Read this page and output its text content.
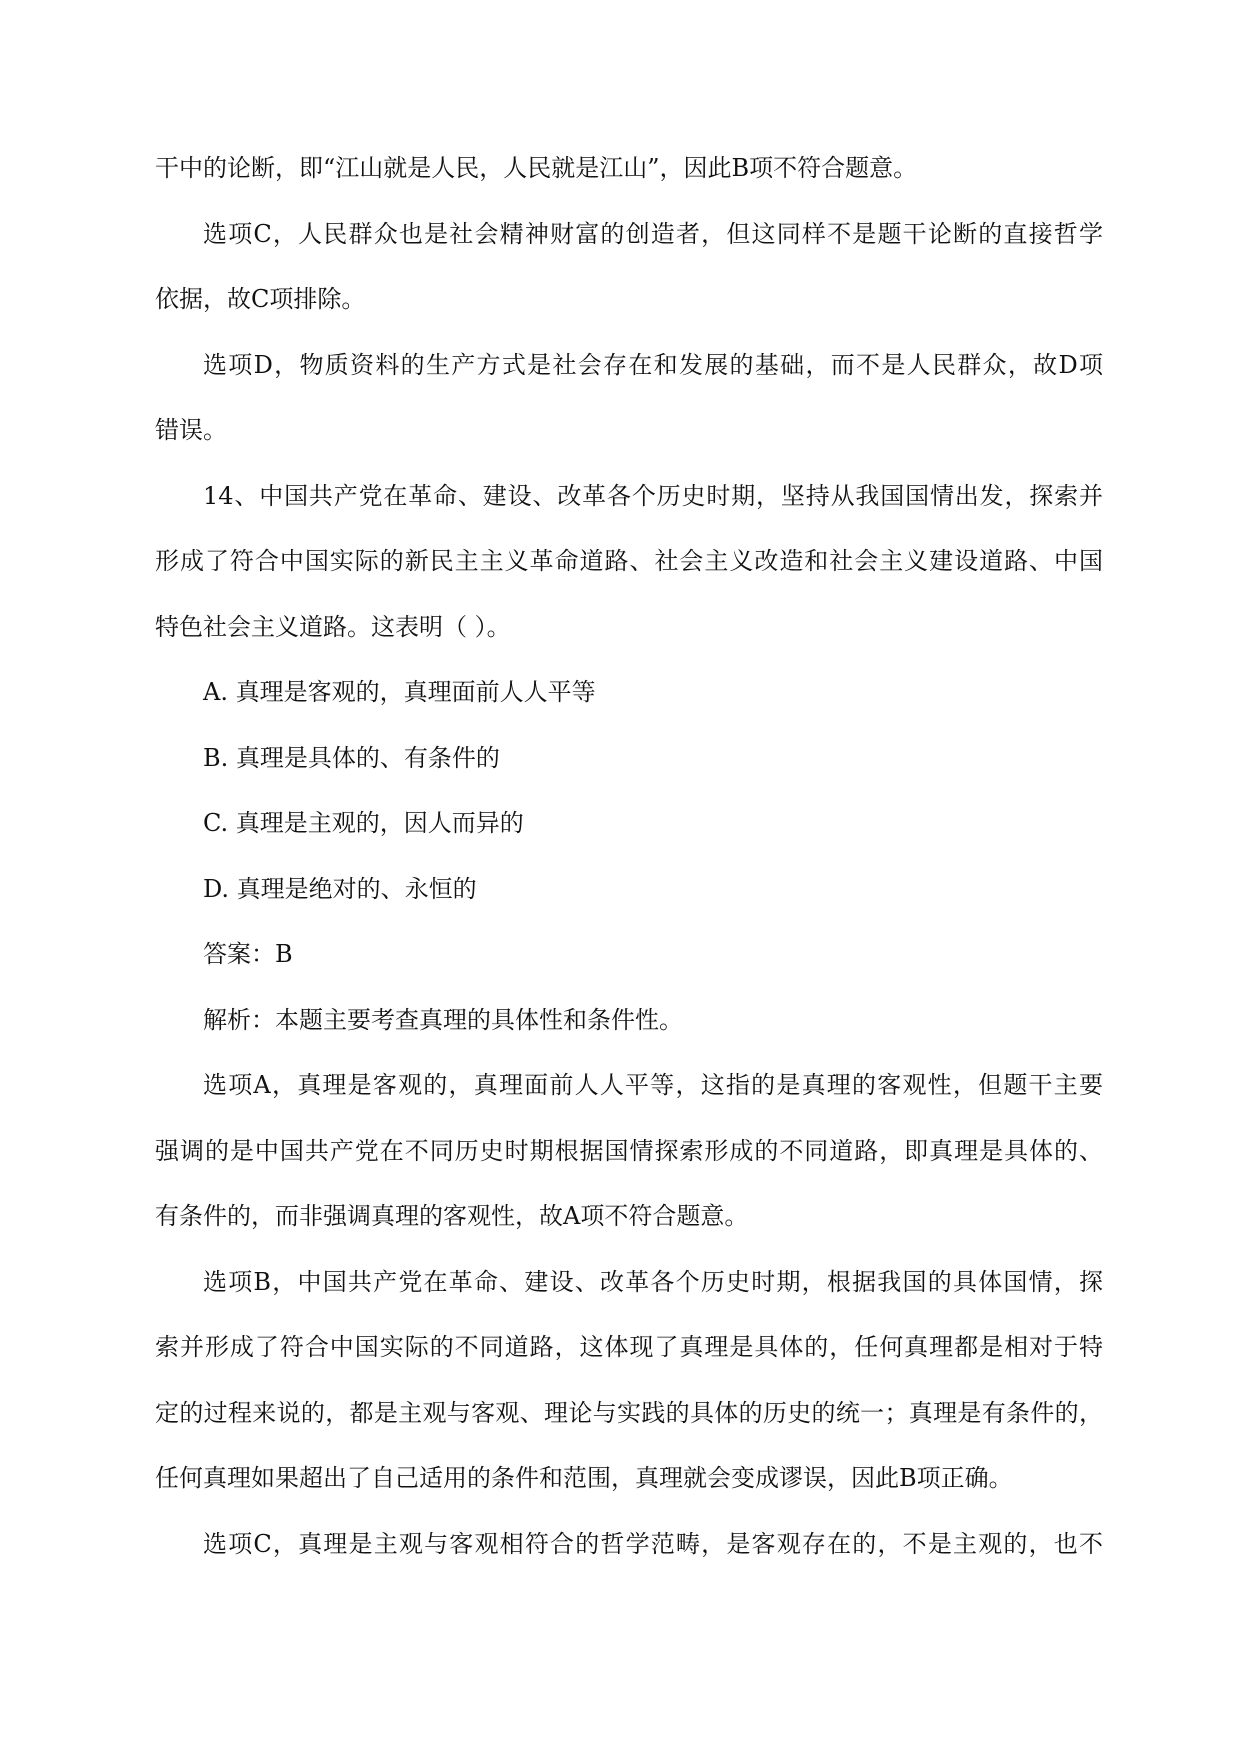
干中的论断，即“江山就是人民，人民就是江山”，因此B项不符合题意。
选项C，人民群众也是社会精神财富的创造者，但这同样不是题干论断的直接哲学
依据，故C项排除。
选项D，物质资料的生产方式是社会存在和发展的基础，而不是人民群众，故D项
错误。
14、中国共产党在革命、建设、改革各个历史时期，坚持从我国国情出发，探索并
形成了符合中国实际的新民主主义革命道路、社会主义改造和社会主义建设道路、中国
特色社会主义道路。这表明（ ）。
A. 真理是客观的，真理面前人人平等
B. 真理是具体的、有条件的
C. 真理是主观的，因人而异的
D. 真理是绝对的、永恒的
答案：B
解析：本题主要考查真理的具体性和条件性。
选项A，真理是客观的，真理面前人人平等，这指的是真理的客观性，但题干主要
强调的是中国共产党在不同历史时期根据国情探索形成的不同道路，即真理是具体的、
有条件的，而非强调真理的客观性，故A项不符合题意。
选项B，中国共产党在革命、建设、改革各个历史时期，根据我国的具体国情，探
索并形成了符合中国实际的不同道路，这体现了真理是具体的，任何真理都是相对于特
定的过程来说的，都是主观与客观、理论与实践的具体的历史的统一；真理是有条件的，
任何真理如果超出了自己适用的条件和范围，真理就会变成谬误，因此B项正确。
选项C，真理是主观与客观相符合的哲学范畴，是客观存在的，不是主观的，也不
